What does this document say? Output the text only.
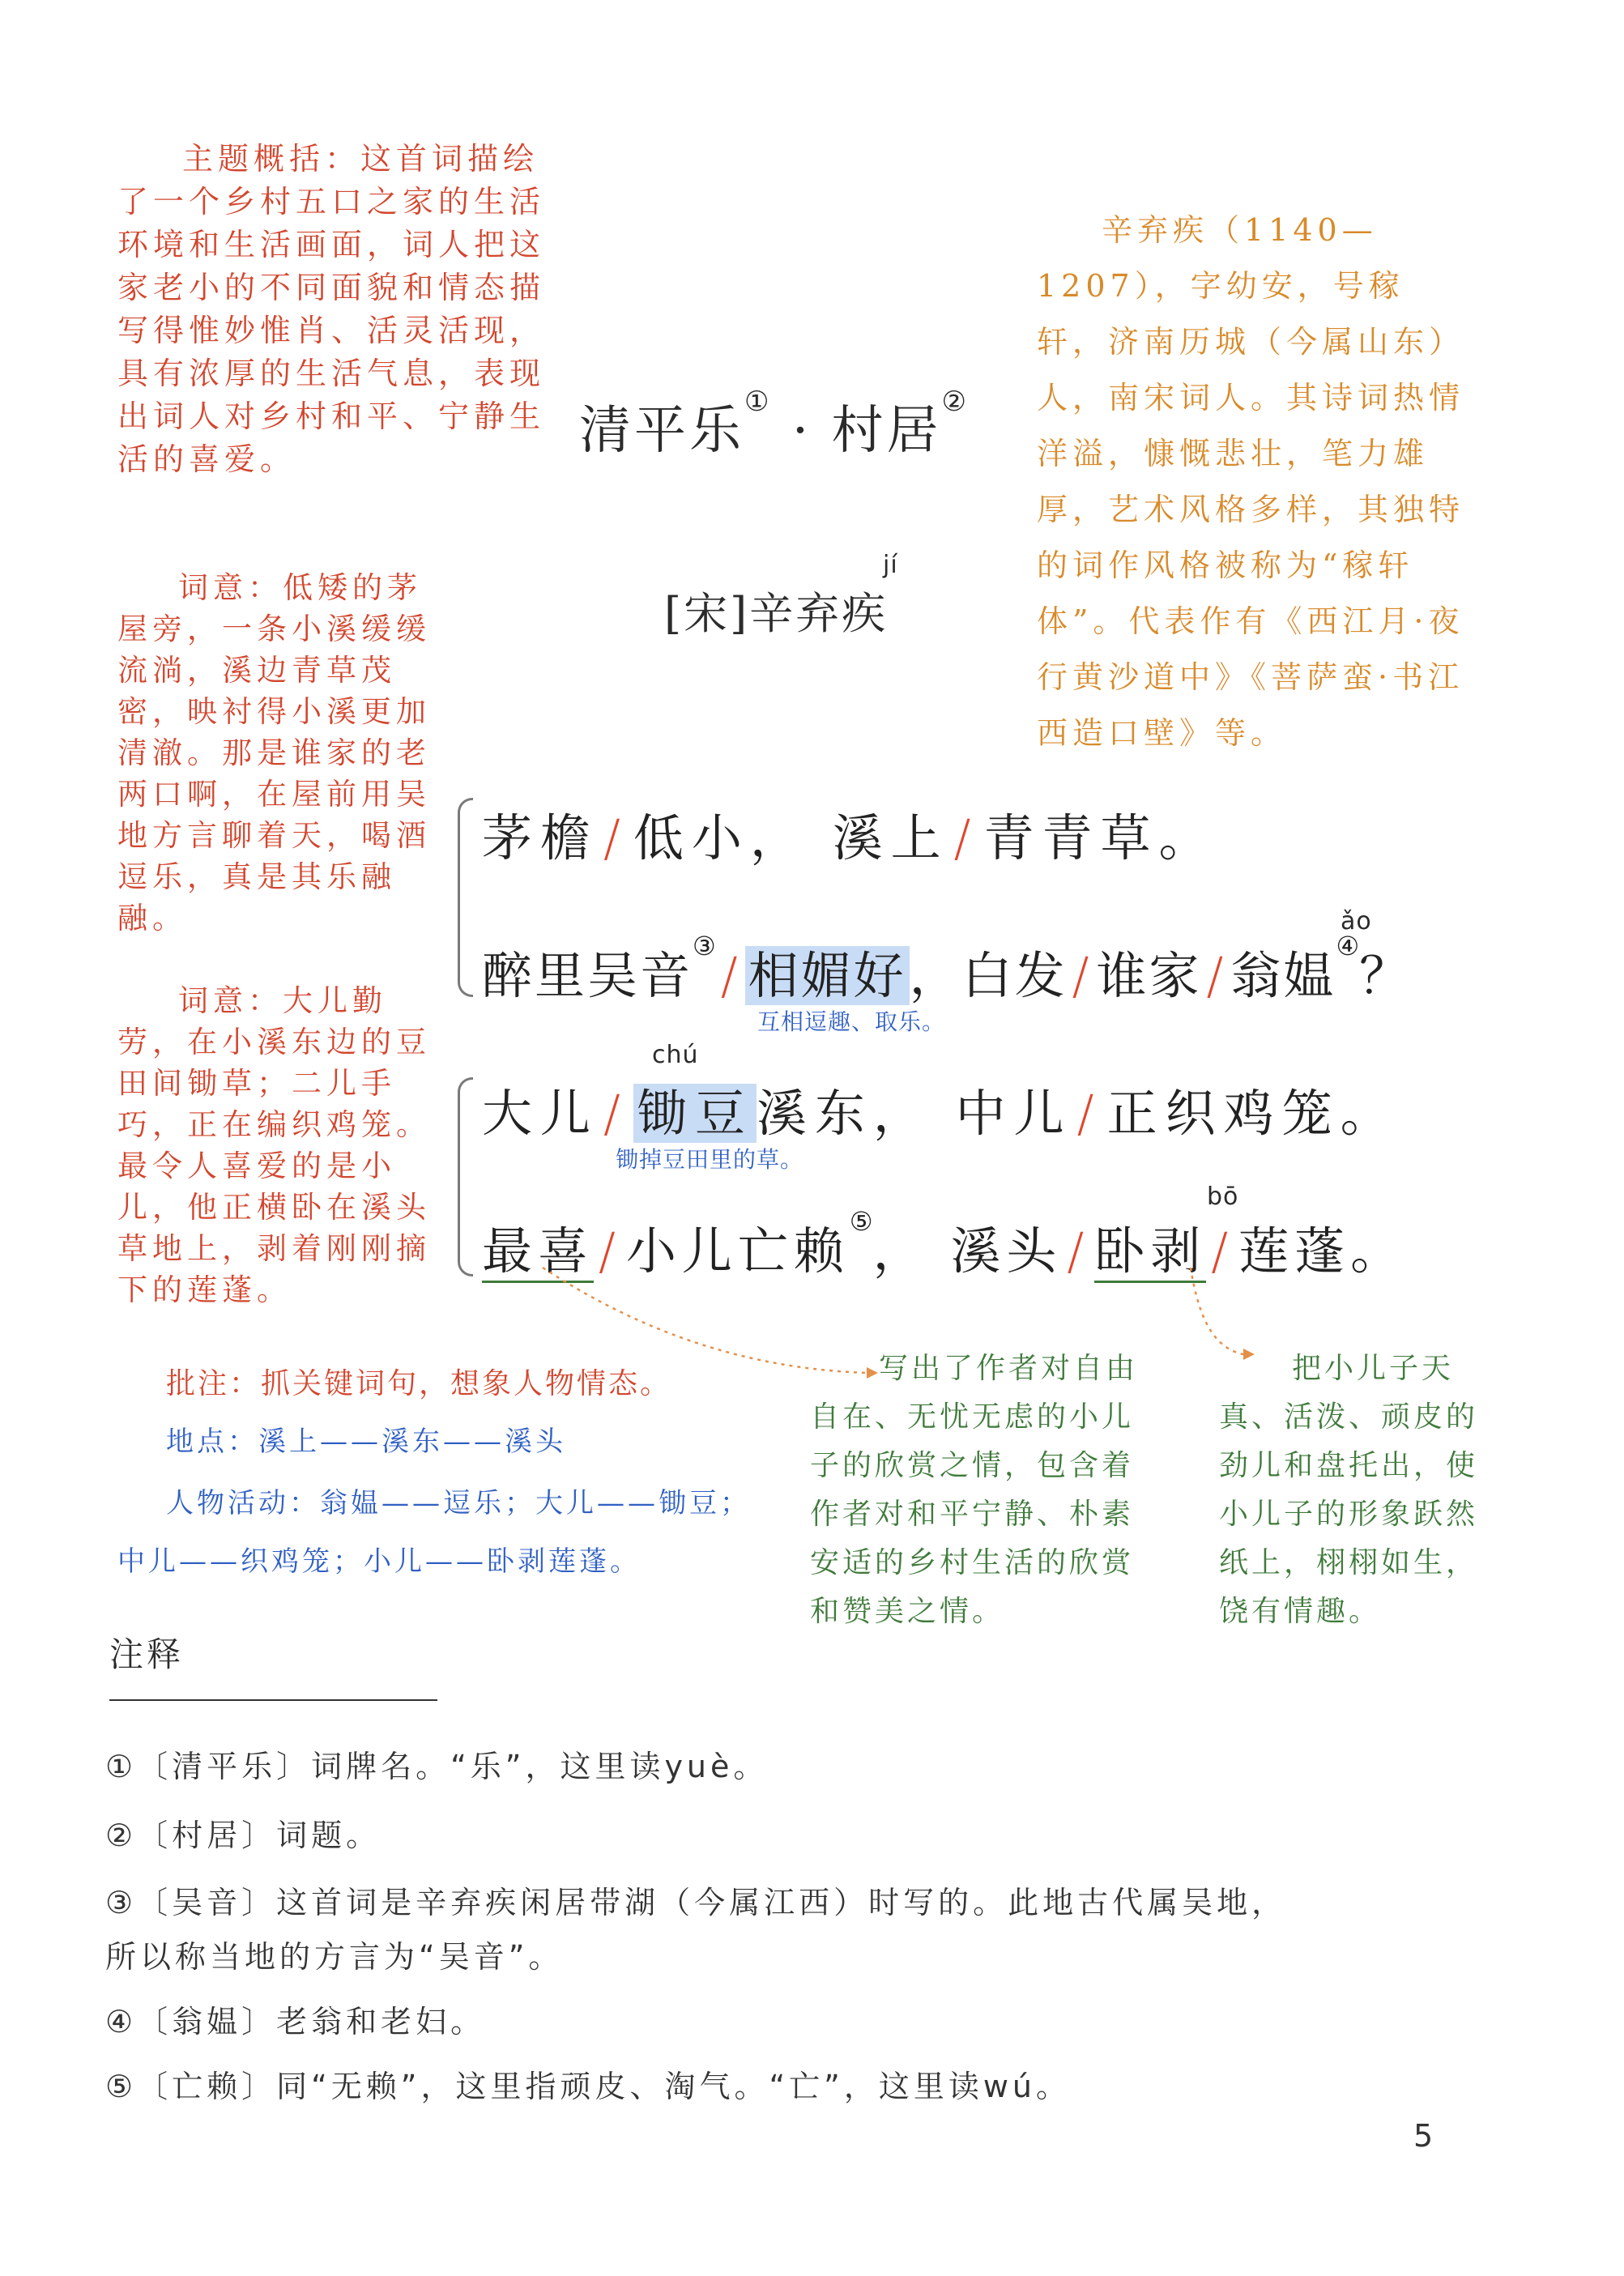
主题概括：这首词描绘了一个乡村五口之家的生活环境和生活画面，词人把这家老小的不同面貌和情态描写得惟妙惟肖、活灵活现，具有浓厚的生活气息，表现出词人对乡村和平、宁静生活的喜爱。
词意：低矮的茅屋旁，一条小溪缓缓流淌，溪边青草茂密，映衬得小溪更加清澈。那是谁家的老两口啊，在屋前用吴地方言聊着天，喝酒逗乐，真是其乐融融。
词意：大儿勤劳，在小溪东边的豆田间锄草；二儿手巧，正在编织鸡笼。最令人喜爱的是小儿，他正横卧在溪头草地上，剥着刚刚摘下的莲蓬。
辛弃疾（1140—1207），字幼安，号稼轩，济南历城（今属山东）人，南宋词人。其诗词热情洋溢，慷慨悲壮，笔力雄厚，艺术风格多样，其独特的词作风格被称为“稼轩体”。代表作有《西江月·夜行黄沙道中》《菩萨蛮·书江西造口壁》等。
清平乐① · 村居②
[宋]辛弃疾
jí
茅檐/低小， 溪上/青青草。
ǎo
醉里吴音③/ 相媚好，白发/谁家/翁媪④？
互相逗趣、取乐。
chú
大儿/ 锄豆溪东， 中儿/正织鸡笼。
锄掉豆田里的草。
bō
最喜/小儿亡赖⑤， 溪头/卧剥/莲蓬。
批注：抓关键词句，想象人物情态。
地点：溪上——溪东——溪头
人物活动：翁媪——逗乐；大儿——锄豆；中儿——织鸡笼；小儿——卧剥莲蓬。
写出了作者对自由自在、无忧无虑的小儿子的欣赏之情，包含着作者对和平宁静、朴素安适的乡村生活的欣赏和赞美之情。
把小儿子天真、活泼、顽皮的劲儿和盘托出，使小儿子的形象跃然纸上，栩栩如生，饶有情趣。
注释
①〔清平乐〕词牌名。“乐”，这里读yuè。
②〔村居〕词题。
③〔吴音〕这首词是辛弃疾闲居带湖（今属江西）时写的。此地古代属吴地，
所以称当地的方言为“吴音”。
④〔翁媪〕老翁和老妇。
⑤〔亡赖〕同“无赖”，这里指顽皮、淘气。“亡”，这里读wú。
5
